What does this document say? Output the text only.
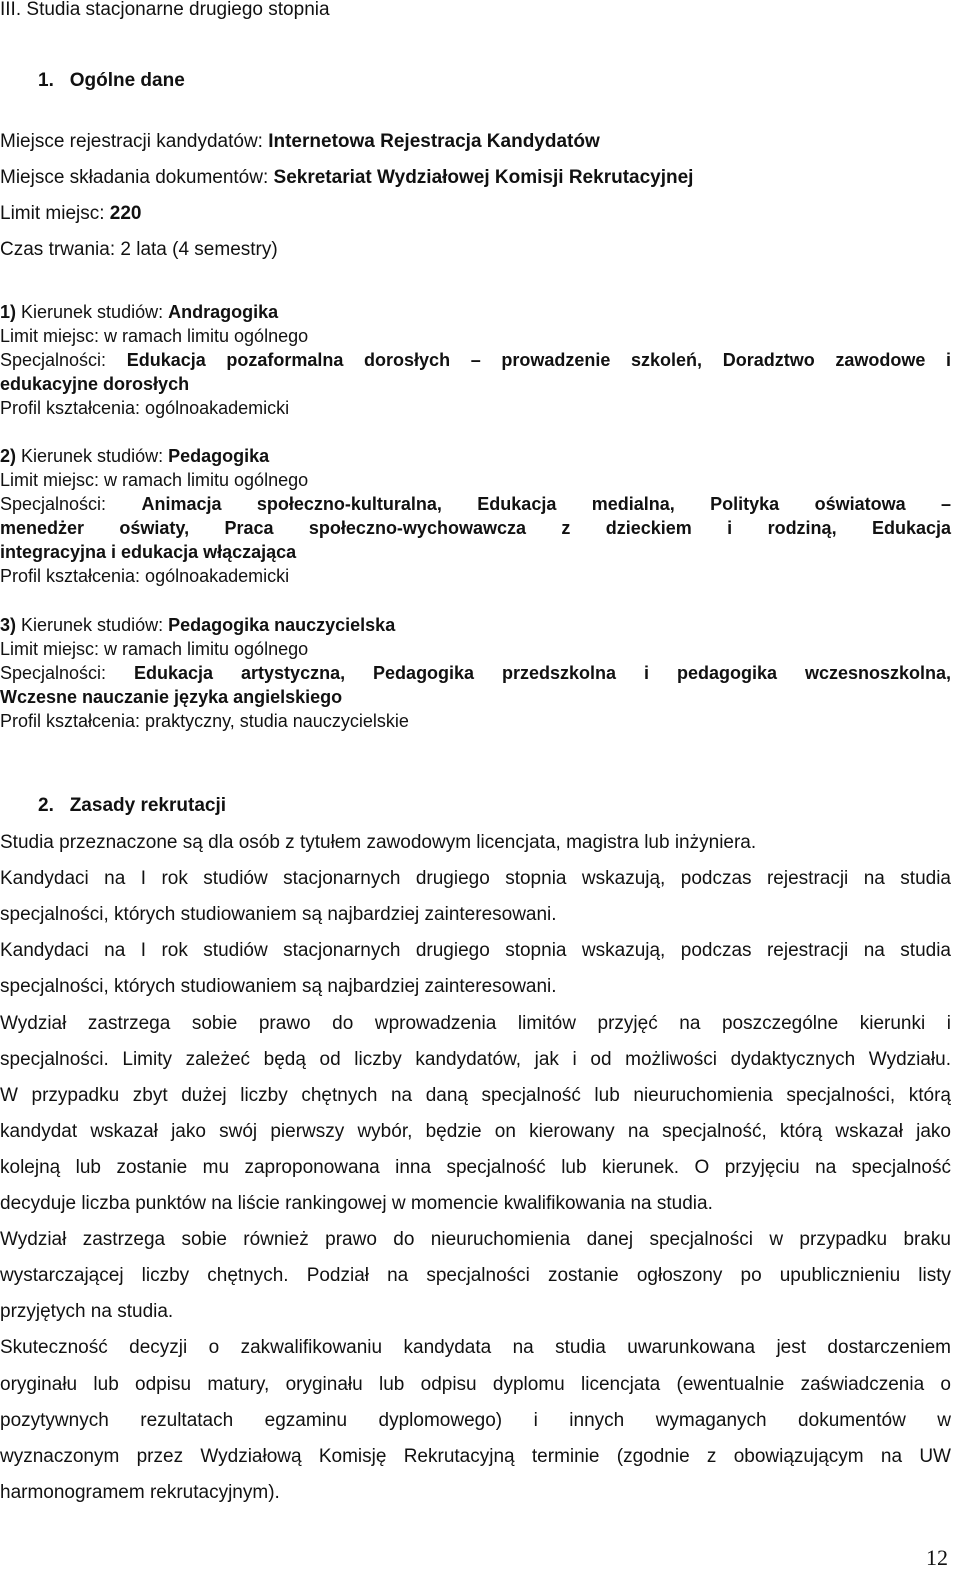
III. Studia stacjonarne drugiego stopnia
1. Ogólne dane
Miejsce rejestracji kandydatów: Internetowa Rejestracja Kandydatów
Miejsce składania dokumentów: Sekretariat Wydziałowej Komisji Rekrutacyjnej
Limit miejsc: 220
Czas trwania: 2 lata (4 semestry)
1) Kierunek studiów: Andragogika
Limit miejsc: w ramach limitu ogólnego
Specjalności: Edukacja pozaformalna dorosłych – prowadzenie szkoleń, Doradztwo zawodowe i
edukacyjne dorosłych
Profil kształcenia: ogólnoakademicki
2) Kierunek studiów: Pedagogika
Limit miejsc: w ramach limitu ogólnego
Specjalności: Animacja społeczno-kulturalna, Edukacja medialna, Polityka oświatowa –
menedżer oświaty, Praca społeczno-wychowawcza z dzieckiem i rodziną, Edukacja
integracyjna i edukacja włączająca
Profil kształcenia: ogólnoakademicki
3) Kierunek studiów: Pedagogika nauczycielska
Limit miejsc: w ramach limitu ogólnego
Specjalności: Edukacja artystyczna, Pedagogika przedszkolna i pedagogika wczesnoszkolna,
Wczesne nauczanie języka angielskiego
Profil kształcenia: praktyczny, studia nauczycielskie
2. Zasady rekrutacji
Studia przeznaczone są dla osób z tytułem zawodowym licencjata, magistra lub inżyniera.
Kandydaci na I rok studiów stacjonarnych drugiego stopnia wskazują, podczas rejestracji na studia
specjalności, których studiowaniem są najbardziej zainteresowani.
Kandydaci na I rok studiów stacjonarnych drugiego stopnia wskazują, podczas rejestracji na studia
specjalności, których studiowaniem są najbardziej zainteresowani.
Wydział zastrzega sobie prawo do wprowadzenia limitów przyjęć na poszczególne kierunki i
specjalności. Limity zależeć będą od liczby kandydatów, jak i od możliwości dydaktycznych Wydziału.
W przypadku zbyt dużej liczby chętnych na daną specjalność lub nieuruchomienia specjalności, którą
kandydat wskazał jako swój pierwszy wybór, będzie on kierowany na specjalność, którą wskazał jako
kolejną lub zostanie mu zaproponowana inna specjalność lub kierunek. O przyjęciu na specjalność
decyduje liczba punktów na liście rankingowej w momencie kwalifikowania na studia.
Wydział zastrzega sobie również prawo do nieuruchomienia danej specjalności w przypadku braku
wystarczającej liczby chętnych. Podział na specjalności zostanie ogłoszony po upublicznieniu listy
przyjętych na studia.
Skuteczność decyzji o zakwalifikowaniu kandydata na studia uwarunkowana jest dostarczeniem
oryginału lub odpisu matury, oryginału lub odpisu dyplomu licencjata (ewentualnie zaświadczenia o
pozytywnych rezultatach egzaminu dyplomowego) i innych wymaganych dokumentów w
wyznaczonym przez Wydziałową Komisję Rekrutacyjną terminie (zgodnie z obowiązującym na UW
harmonogramem rekrutacyjnym).
12
